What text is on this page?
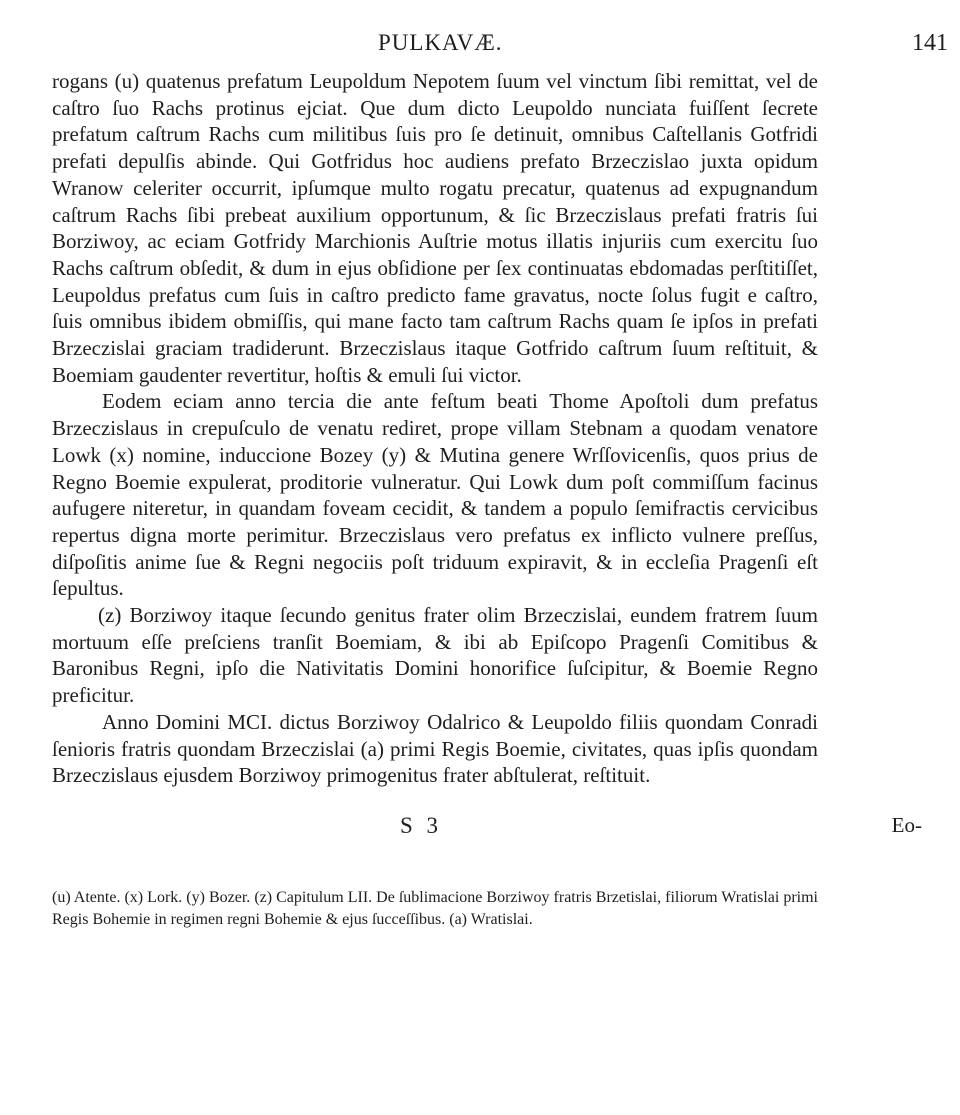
PULKAVÆ.	141

rogans (u) quatenus prefatum Leupoldum Nepotem ſuum vel vinctum ſibi remittat, vel de caſtro ſuo Rachs protinus ejciat. Que dum dicto Leupoldo nunciata fuiſſent ſecrete prefatum caſtrum Rachs cum militibus ſuis pro ſe detinuit, omnibus Caſtellanis Gotfridi prefati depulſis abinde. Qui Gotfridus hoc audiens prefato Brzeczislao juxta opidum Wranow celeriter occurrit, ipſumque multo rogatu precatur, quatenus ad expugnandum caſtrum Rachs ſibi prebeat auxilium opportunum, & ſic Brzeczislaus prefati fratris ſui Borziwoy, ac eciam Gotfridy Marchionis Auſtrie motus illatis injuriis cum exercitu ſuo Rachs caſtrum obſedit, & dum in ejus obſidione per ſex continuatas ebdomadas perſtitiſſet, Leupoldus prefatus cum ſuis in caſtro predicto fame gravatus, nocte ſolus fugit e caſtro, ſuis omnibus ibidem obmiſſis, qui mane facto tam caſtrum Rachs quam ſe ipſos in prefati Brzeczislai graciam tradiderunt. Brzeczislaus itaque Gotfrido caſtrum ſuum reſtituit, & Boemiam gaudenter revertitur, hoſtis & emuli ſui victor.

Eodem eciam anno tercia die ante feſtum beati Thome Apoſtoli dum prefatus Brzeczislaus in crepuſculo de venatu rediret, prope villam Stebnam a quodam venatore Lowk (x) nomine, induccione Bozey (y) & Mutina genere Wrſſovicenſis, quos prius de Regno Boemie expulerat, proditorie vulneratur. Qui Lowk dum poſt commiſſum facinus aufugere niteretur, in quandam foveam cecidit, & tandem a populo ſemifractis cervicibus repertus digna morte perimitur. Brzeczislaus vero prefatus ex inflicto vulnere preſſus, diſpoſitis anime ſue & Regni negociis poſt triduum expiravit, & in eccleſia Pragenſi eſt ſepultus.

(z) Borziwoy itaque ſecundo genitus frater olim Brzeczislai, eundem fratrem ſuum mortuum eſſe preſciens tranſit Boemiam, & ibi ab Epiſcopo Pragenſi Comitibus & Baronibus Regni, ipſo die Nativitatis Domini honorifice ſuſcipitur, & Boemie Regno preficitur.

Anno Domini MCI. dictus Borziwoy Odalrico & Leupoldo filiis quondam Conradi ſenioris fratris quondam Brzeczislai (a) primi Regis Boemie, civitates, quas ipſis quondam Brzeczislaus ejusdem Borziwoy primogenitus frater abſtulerat, reſtituit.

S 3	Eo-

(u) Atente. (x) Lork. (y) Bozer. (z) Capitulum LII. De ſublimacione Borziwoy fratris Brzetislai, filiorum Wratislai primi Regis Bohemie in regimen regni Bohemie & ejus ſucceſſibus. (a) Wratislai.
